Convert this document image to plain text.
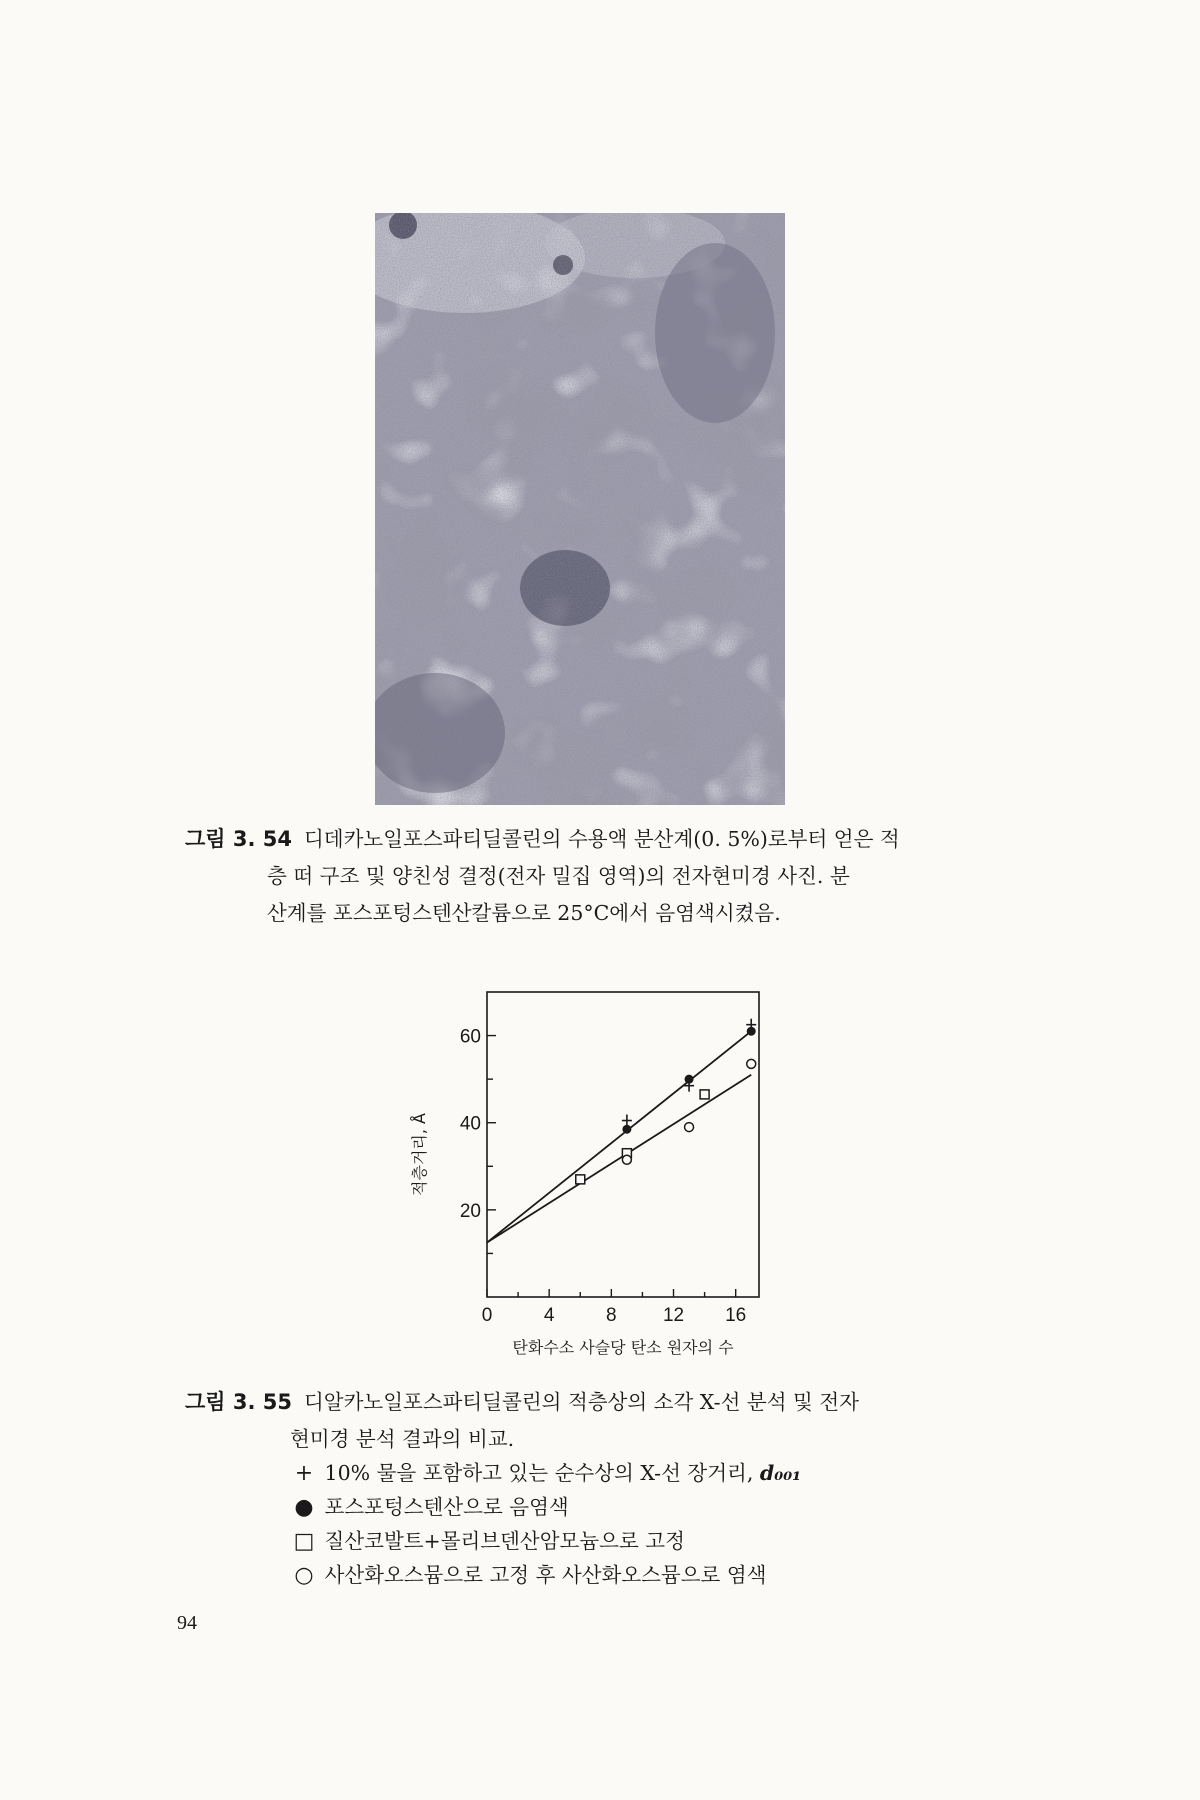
그림 3. 54 디데카노일포스파티딜콜린의 수용액 분산계(0. 5%)로부터 얻은 적
층 떠 구조 및 양친성 결정(전자 밀집 영역)의 전자현미경 사진. 분
산계를 포스포텅스텐산칼륨으로 25°C에서 음염색시켰음.
0	4	8 12 16
20
40
60
탄화수소 사슬당 탄소 원자의 수
적층거리, Å
그림 3. 55 디알카노일포스파티딜콜린의 적층상의 소각 X-선 분석 및 전자
현미경 분석 결과의 비교.
+ 10% 물을 포함하고 있는 순수상의 X-선 장거리, d₀₀₁
● 포스포텅스텐산으로 음염색
□ 질산코발트+몰리브덴산암모늄으로 고정
○ 사산화오스뮴으로 고정 후 사산화오스뮴으로 염색
94
